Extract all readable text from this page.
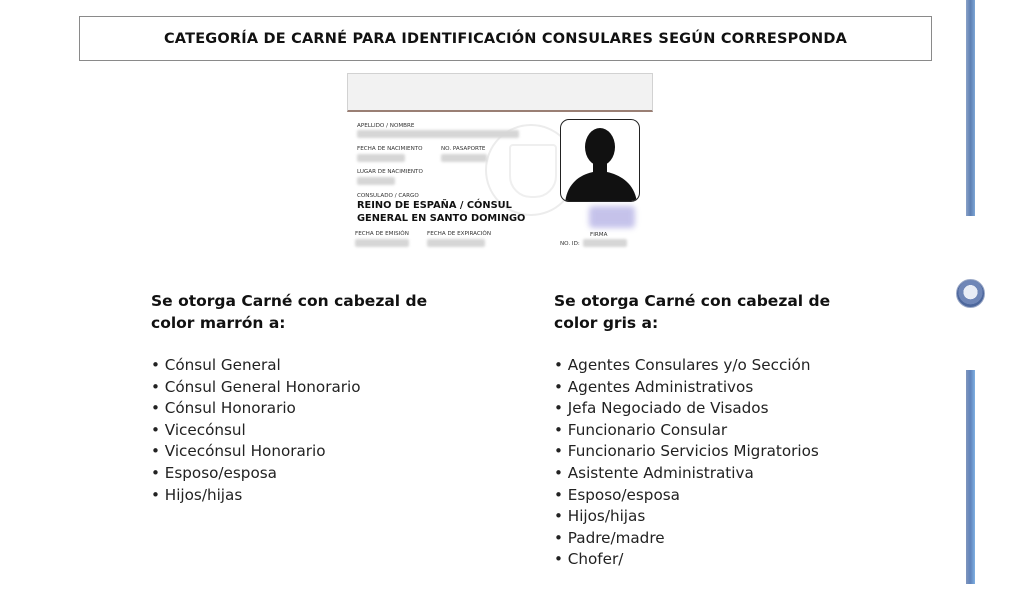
CATEGORÍA DE CARNÉ PARA IDENTIFICACIÓN CONSULARES SEGÚN CORRESPONDA
APELLIDO / NOMBRE
FECHA DE NACIMIENTO	NO. PASAPORTE
LUGAR DE NACIMIENTO
CONSULADO / CARGO
REINO DE ESPAÑA / CÓNSUL
GENERAL EN SANTO DOMINGO
FECHA DE EMISIÓN	FECHA DE EXPIRACIÓN	FIRMA
NO. ID:
Se otorga Carné con cabezal de
color marrón a:
• Cónsul General
• Cónsul General Honorario
• Cónsul Honorario
• Vicecónsul
• Vicecónsul Honorario
• Esposo/esposa
• Hijos/hijas
Se otorga Carné con cabezal de
color gris a:
• Agentes Consulares y/o Sección
• Agentes Administrativos
• Jefa Negociado de Visados
• Funcionario Consular
• Funcionario Servicios Migratorios
• Asistente Administrativa
• Esposo/esposa
• Hijos/hijas
• Padre/madre
• Chofer/
